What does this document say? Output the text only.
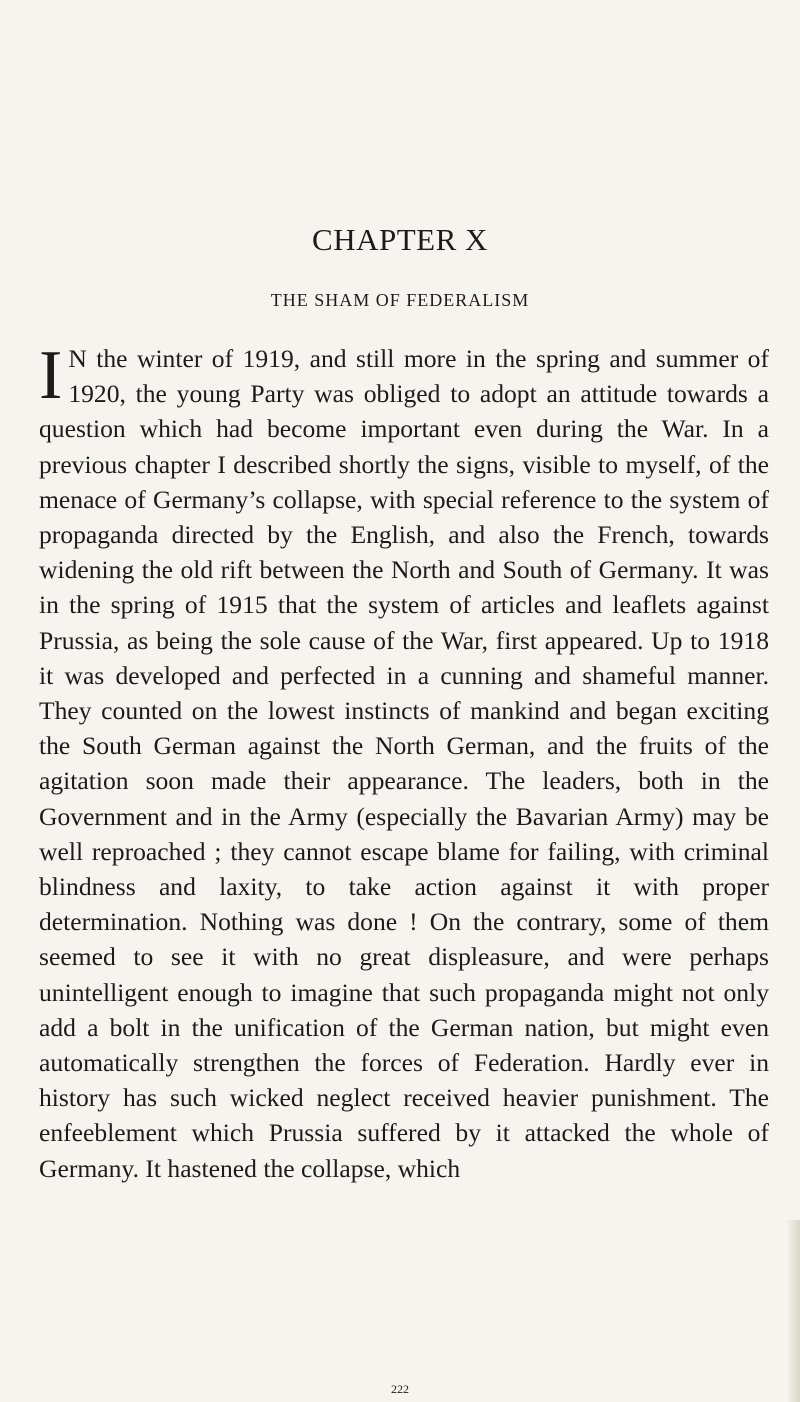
CHAPTER X
THE SHAM OF FEDERALISM
I N the winter of 1919, and still more in the spring and summer of 1920, the young Party was obliged to adopt an attitude towards a question which had become important even during the War. In a previous chapter I described shortly the signs, visible to myself, of the menace of Germany’s collapse, with special reference to the system of propaganda directed by the English, and also the French, towards widening the old rift between the North and South of Germany. It was in the spring of 1915 that the system of articles and leaflets against Prussia, as being the sole cause of the War, first appeared. Up to 1918 it was developed and perfected in a cunning and shameful manner. They counted on the lowest instincts of mankind and began exciting the South German against the North German, and the fruits of the agitation soon made their appearance. The leaders, both in the Government and in the Army (especially the Bavarian Army) may be well reproached ; they cannot escape blame for failing, with criminal blindness and laxity, to take action against it with proper determination. Nothing was done ! On the contrary, some of them seemed to see it with no great displeasure, and were perhaps unintelligent enough to imagine that such propaganda might not only add a bolt in the unification of the German nation, but might even automatically strengthen the forces of Federation. Hardly ever in history has such wicked neglect received heavier punishment. The enfeeblement which Prussia suffered by it attacked the whole of Germany. It hastened the collapse, which
222
